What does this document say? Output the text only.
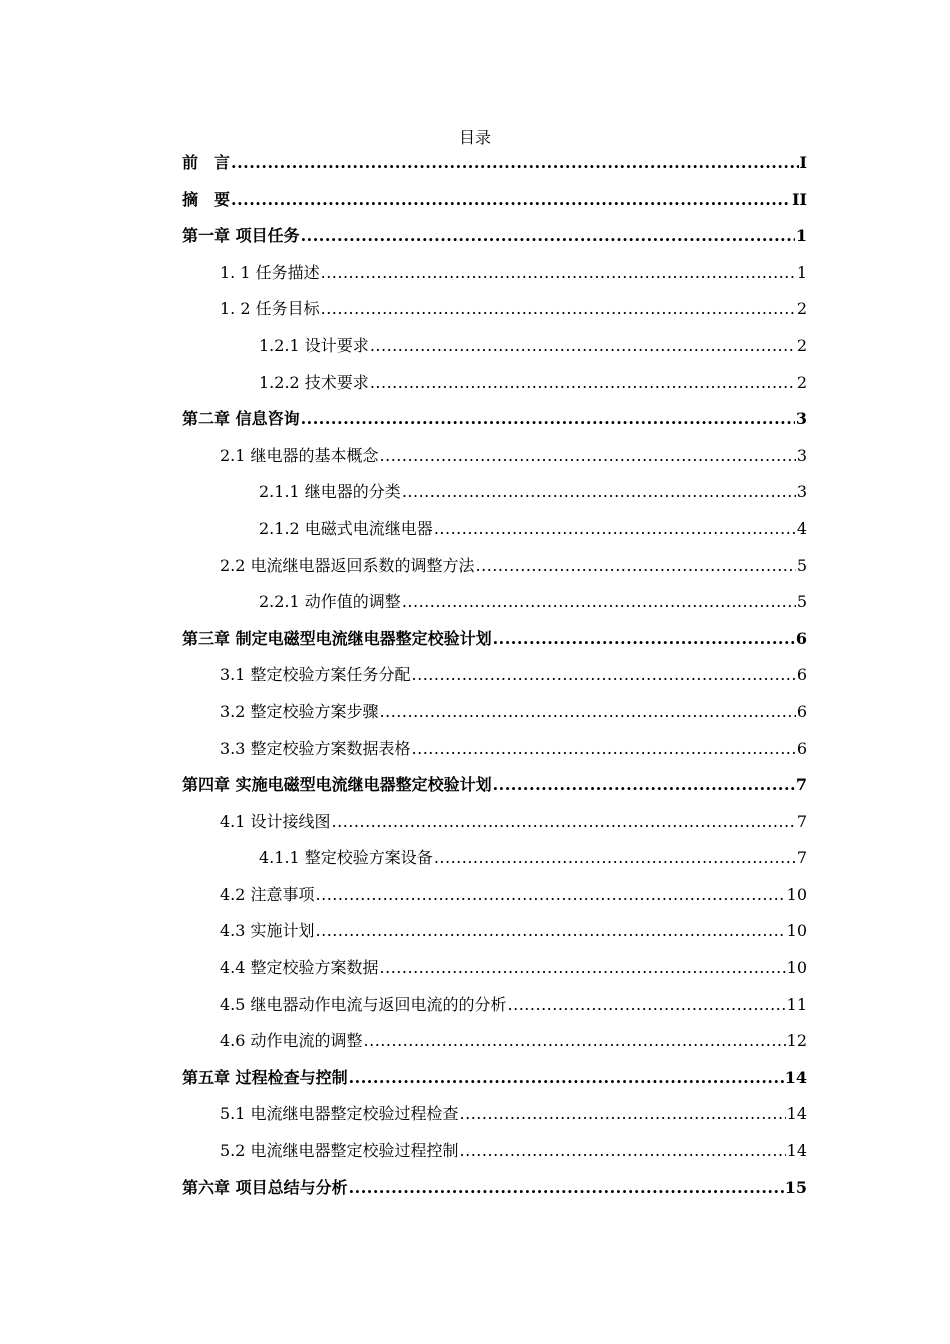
目录
前　言 .....	I
摘　要 .....	II
第一章 项目任务 .....	1
1. 1 任务描述 .....	1
1. 2 任务目标 .....	2
1.2.1 设计要求 .....	2
1.2.2 技术要求 .....	2
第二章 信息咨询 .....	3
2.1 继电器的基本概念 .....	3
2.1.1 继电器的分类 .....	3
2.1.2 电磁式电流继电器 .....	4
2.2 电流继电器返回系数的调整方法 .....	5
2.2.1 动作值的调整 .....	5
第三章 制定电磁型电流继电器整定校验计划 .....	6
3.1 整定校验方案任务分配 .....	6
3.2 整定校验方案步骤 .....	6
3.3 整定校验方案数据表格 .....	6
第四章 实施电磁型电流继电器整定校验计划 .....	7
4.1 设计接线图 .....	7
4.1.1 整定校验方案设备 .....	7
4.2 注意事项 .....	10
4.3 实施计划 .....	10
4.4 整定校验方案数据 .....	10
4.5 继电器动作电流与返回电流的的分析 .....	11
4.6 动作电流的调整 .....	12
第五章 过程检查与控制 .....	14
5.1 电流继电器整定校验过程检查 .....	14
5.2 电流继电器整定校验过程控制 .....	14
第六章 项目总结与分析 .....	15
